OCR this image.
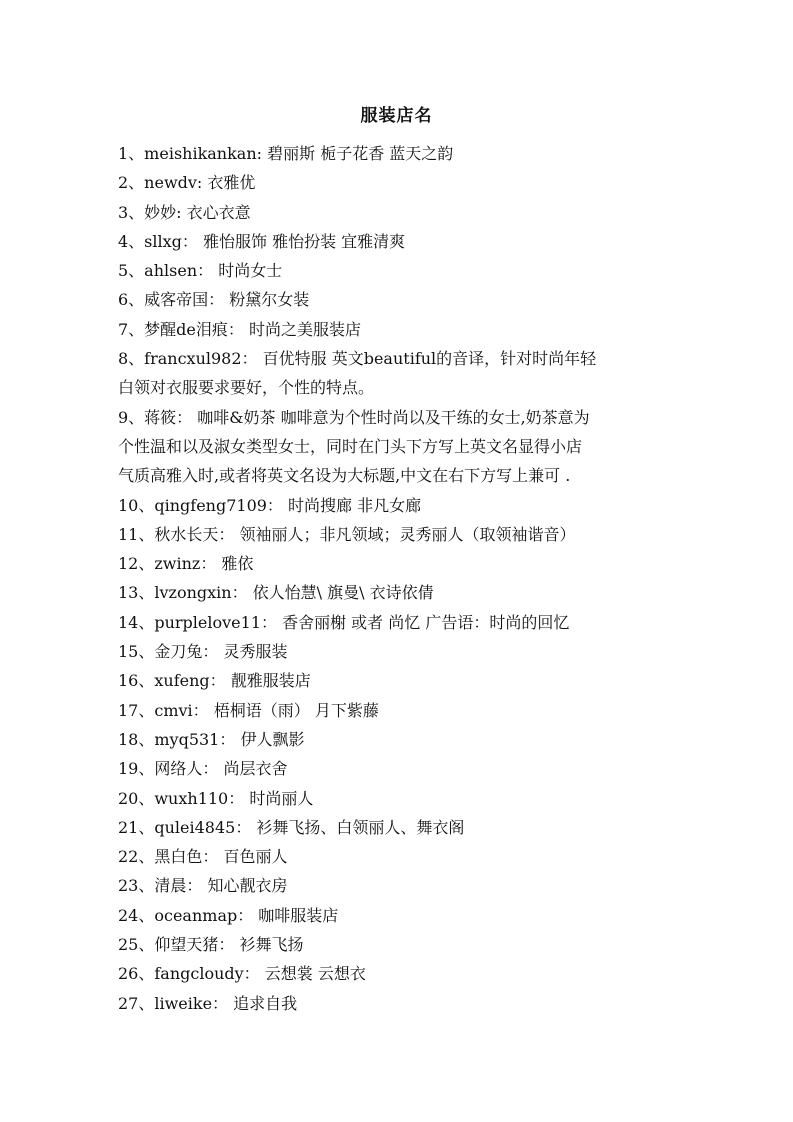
服装店名
1、meishikankan: 碧丽斯 栀子花香 蓝天之韵
2、newdv: 衣雅优
3、妙妙: 衣心衣意
4、sllxg： 雅怡服饰 雅怡扮装 宜雅清爽
5、ahlsen： 时尚女士
6、威客帝国： 粉黛尔女装
7、梦醒de泪痕： 时尚之美服装店
8、francxul982： 百优特服 英文beautiful的音译，针对时尚年轻
白领对衣服要求要好，个性的特点。
9、蒋筱： 咖啡&奶茶 咖啡意为个性时尚以及干练的女士,奶茶意为
个性温和以及淑女类型女士，同时在门头下方写上英文名显得小店
气质高雅入时,或者将英文名设为大标题,中文在右下方写上兼可 .
10、qingfeng7109： 时尚搜廊 非凡女廊
11、秋水长天： 领袖丽人；非凡领域；灵秀丽人（取领袖谐音）
12、zwinz： 雅依
13、lvzongxin： 依人怡慧\ 旗曼\ 衣诗依倩
14、purplelove11： 香舍丽榭 或者 尚忆 广告语：时尚的回忆
15、金刀兔： 灵秀服装
16、xufeng： 靓雅服装店
17、cmvi： 梧桐语（雨） 月下紫藤
18、myq531： 伊人飘影
19、网络人： 尚层衣舍
20、wuxh110： 时尚丽人
21、qulei4845： 衫舞飞扬、白领丽人、舞衣阁
22、黑白色： 百色丽人
23、清晨： 知心靓衣房
24、oceanmap： 咖啡服装店
25、仰望天猪： 衫舞飞扬
26、fangcloudy： 云想裳 云想衣
27、liweike： 追求自我
